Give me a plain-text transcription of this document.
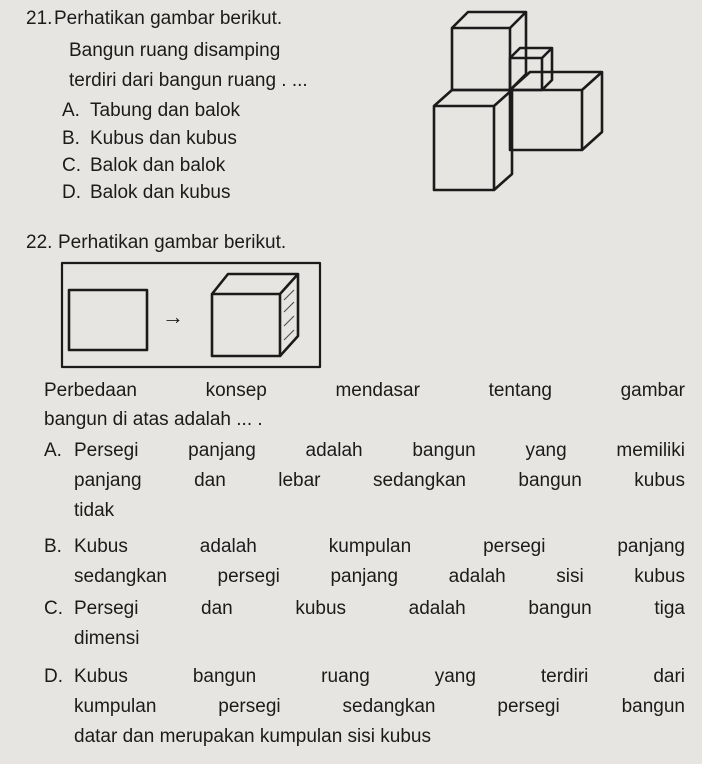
21. Perhatikan gambar berikut.
Bangun ruang disamping
terdiri dari bangun ruang . ...
A. Tabung dan balok
B. Kubus dan kubus
C. Balok dan balok
D. Balok dan kubus
22. Perhatikan gambar berikut.
→
Perbedaan konsep mendasar tentang gambar
bangun di atas adalah ... .
A. Persegi panjang adalah bangun yang memiliki
panjang dan lebar sedangkan bangun kubus
tidak
B. Kubus adalah kumpulan persegi panjang
sedangkan persegi panjang adalah sisi kubus
C. Persegi dan kubus adalah bangun tiga
dimensi
D. Kubus bangun ruang yang terdiri dari
kumpulan persegi sedangkan persegi bangun
datar dan merupakan kumpulan sisi kubus
